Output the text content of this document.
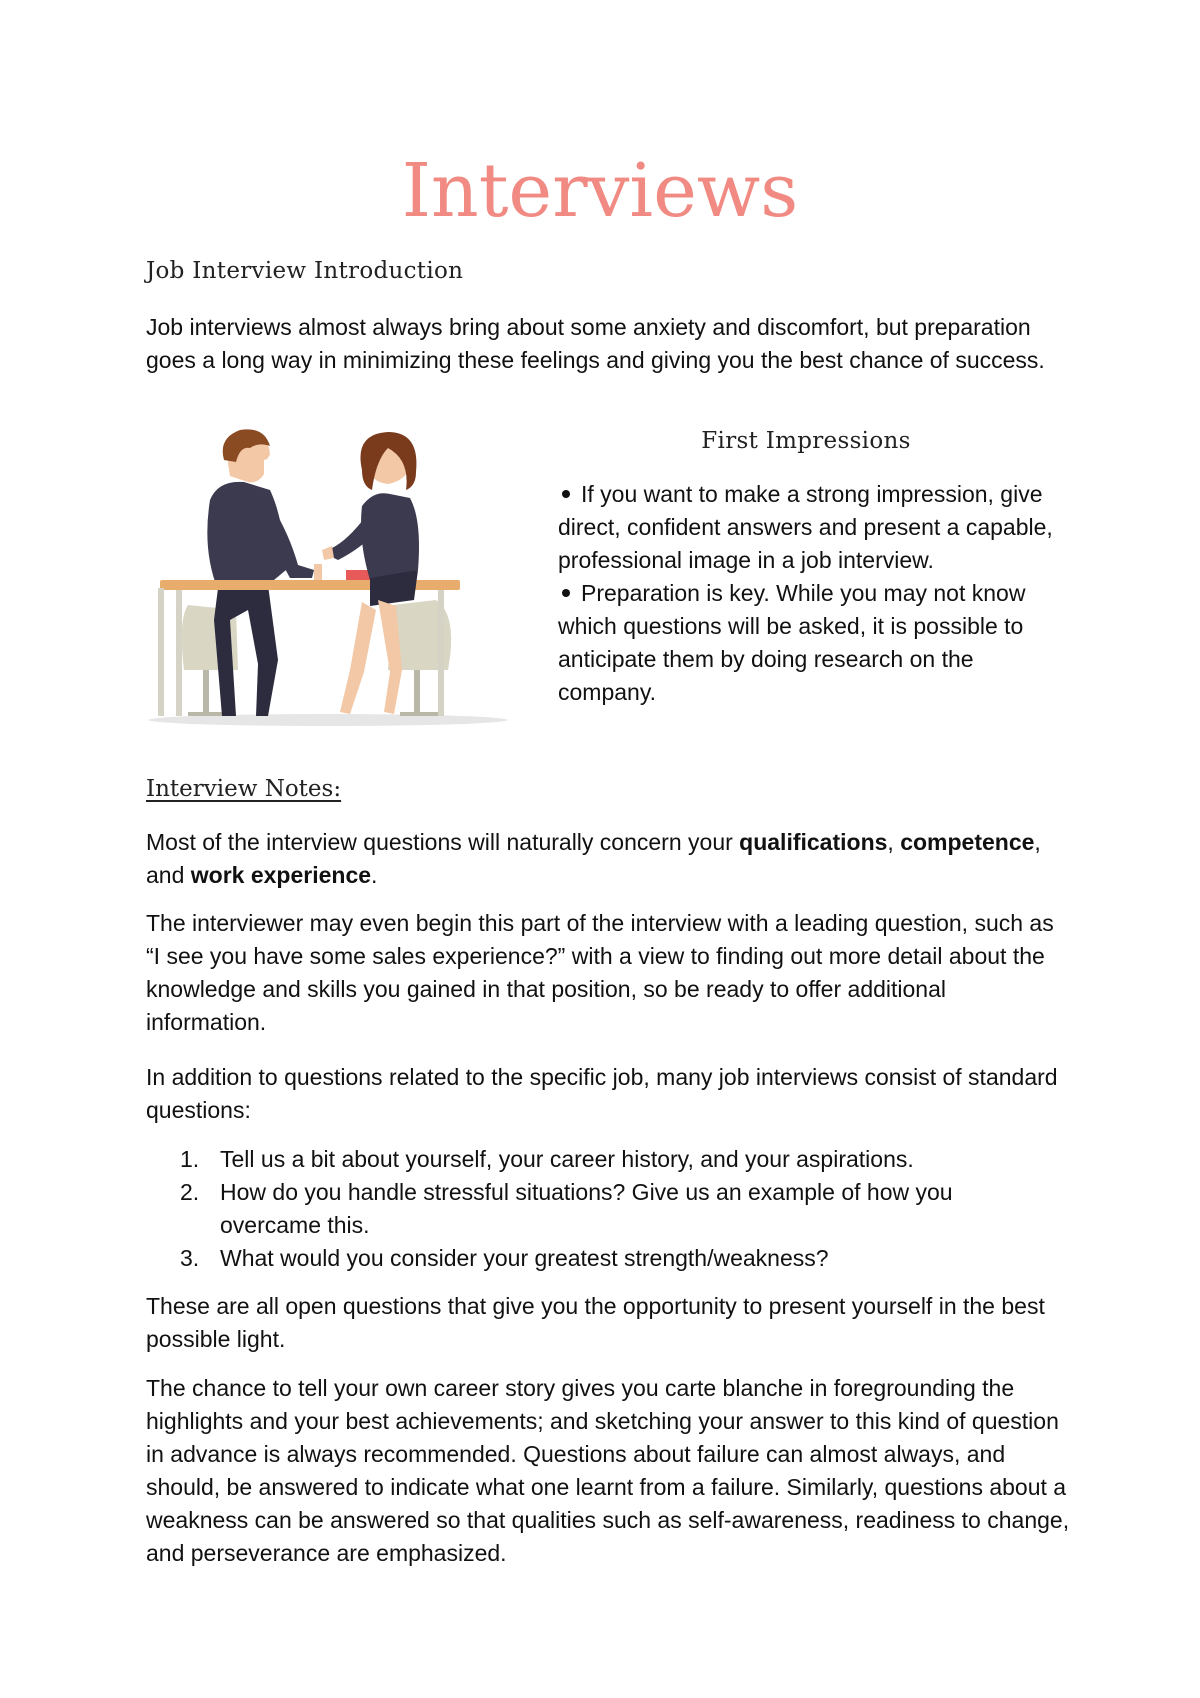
Interviews
Job Interview Introduction
Job interviews almost always bring about some anxiety and discomfort, but preparation goes a long way in minimizing these feelings and giving you the best chance of success.
First Impressions
If you want to make a strong impression, give direct, confident answers and present a capable, professional image in a job interview.
Preparation is key. While you may not know which questions will be asked, it is possible to anticipate them by doing research on the company.
Interview Notes:
Most of the interview questions will naturally concern your qualifications, competence, and work experience.
The interviewer may even begin this part of the interview with a leading question, such as “I see you have some sales experience?” with a view to finding out more detail about the knowledge and skills you gained in that position, so be ready to offer additional information.
In addition to questions related to the specific job, many job interviews consist of standard questions:
1. Tell us a bit about yourself, your career history, and your aspirations.
2. How do you handle stressful situations? Give us an example of how you overcame this.
3. What would you consider your greatest strength/weakness?
These are all open questions that give you the opportunity to present yourself in the best possible light.
The chance to tell your own career story gives you carte blanche in foregrounding the highlights and your best achievements; and sketching your answer to this kind of question in advance is always recommended. Questions about failure can almost always, and should, be answered to indicate what one learnt from a failure. Similarly, questions about a weakness can be answered so that qualities such as self-awareness, readiness to change, and perseverance are emphasized.
